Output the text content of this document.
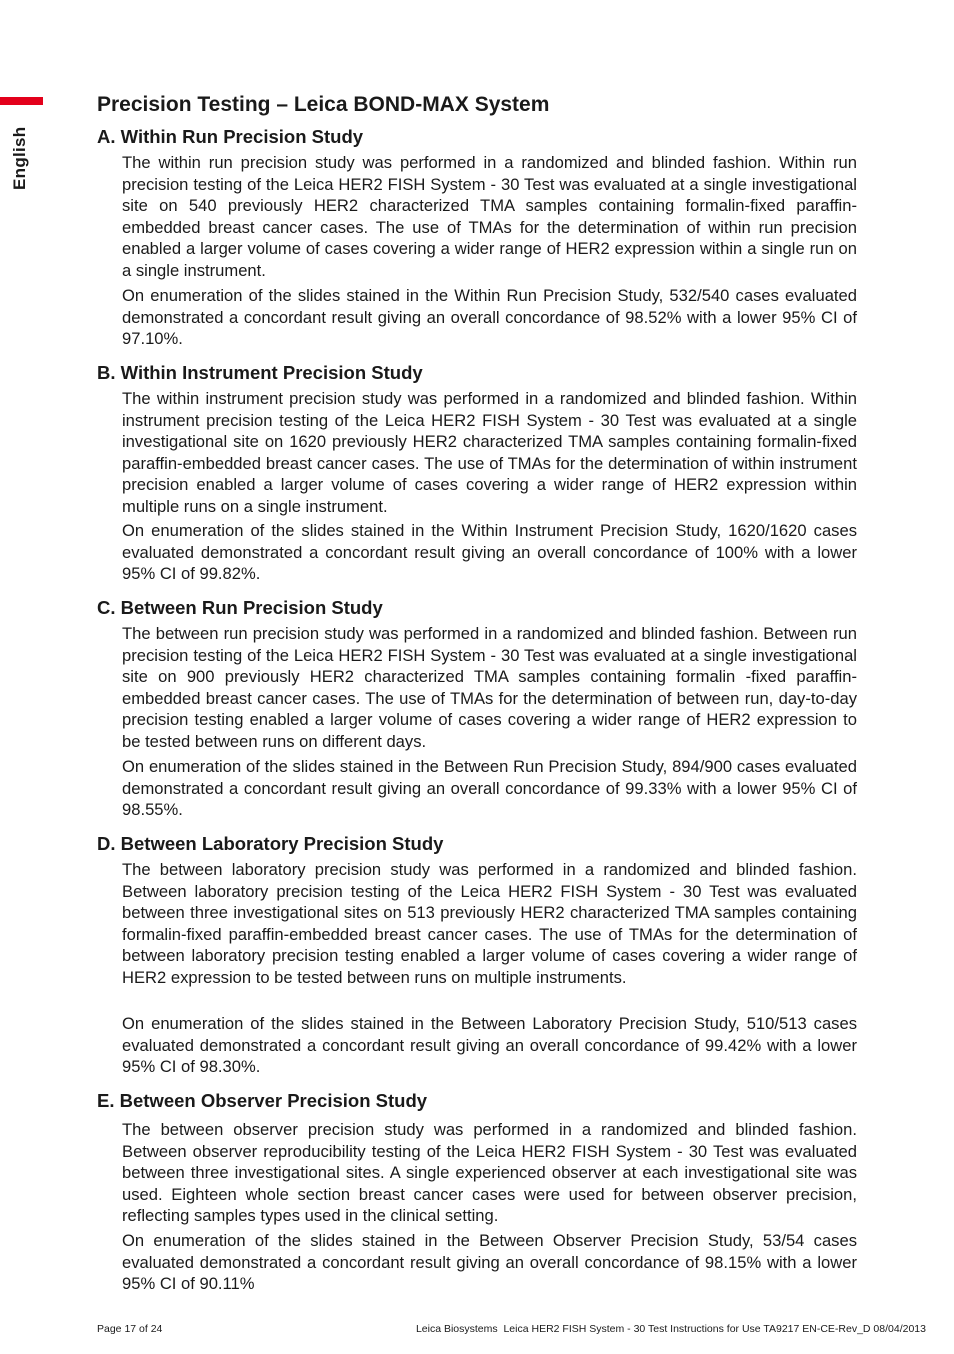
English
Precision Testing – Leica BOND-MAX System
A. Within Run Precision Study

The within run precision study was performed in a randomized and blinded fashion. Within run precision testing of the Leica HER2 FISH System - 30 Test was evaluated at a single investigational site on 540 previously HER2 characterized TMA samples containing formalin-fixed paraffin-embedded breast cancer cases. The use of TMAs for the determination of within run precision enabled a larger volume of cases covering a wider range of HER2 expression within a single run on a single instrument.

On enumeration of the slides stained in the Within Run Precision Study, 532/540 cases evaluated demonstrated a concordant result giving an overall concordance of 98.52% with a lower 95% CI of 97.10%.

B. Within Instrument Precision Study

The within instrument precision study was performed in a randomized and blinded fashion. Within instrument precision testing of the Leica HER2 FISH System - 30 Test was evaluated at a single investigational site on 1620 previously HER2 characterized TMA samples containing formalin-fixed paraffin-embedded breast cancer cases. The use of TMAs for the determination of within instrument precision enabled a larger volume of cases covering a wider range of HER2 expression within multiple runs on a single instrument.

On enumeration of the slides stained in the Within Instrument Precision Study, 1620/1620 cases evaluated demonstrated a concordant result giving an overall concordance of 100% with a lower 95% CI of 99.82%.

C. Between Run Precision Study

The between run precision study was performed in a randomized and blinded fashion. Between run precision testing of the Leica HER2 FISH System - 30 Test was evaluated at a single investigational site on 900 previously HER2 characterized TMA samples containing formalin -fixed paraffin-embedded breast cancer cases. The use of TMAs for the determination of between run, day-to-day precision testing enabled a larger volume of cases covering a wider range of HER2 expression to be tested between runs on different days.

On enumeration of the slides stained in the Between Run Precision Study, 894/900 cases evaluated demonstrated a concordant result giving an overall concordance of 99.33% with a lower 95% CI of 98.55%.

D. Between Laboratory Precision Study

The between laboratory precision study was performed in a randomized and blinded fashion. Between laboratory precision testing of the Leica HER2 FISH System - 30 Test was evaluated between three investigational sites on 513 previously HER2 characterized TMA samples containing formalin-fixed paraffin-embedded breast cancer cases. The use of TMAs for the determination of between laboratory precision testing enabled a larger volume of cases covering a wider range of HER2 expression to be tested between runs on multiple instruments.

On enumeration of the slides stained in the Between Laboratory Precision Study, 510/513 cases evaluated demonstrated a concordant result giving an overall concordance of 99.42% with a lower 95% CI of 98.30%.

E. Between Observer Precision Study

The between observer precision study was performed in a randomized and blinded fashion. Between observer reproducibility testing of the Leica HER2 FISH System - 30 Test was evaluated between three investigational sites. A single experienced observer at each investigational site was used. Eighteen whole section breast cancer cases were used for between observer precision, reflecting samples types used in the clinical setting.

On enumeration of the slides stained in the Between Observer Precision Study, 53/54 cases evaluated demonstrated a concordant result giving an overall concordance of 98.15% with a lower 95% CI of 90.11%

Page 17 of 24	Leica Biosystems  Leica HER2 FISH System - 30 Test Instructions for Use TA9217 EN-CE-Rev_D 08/04/2013
